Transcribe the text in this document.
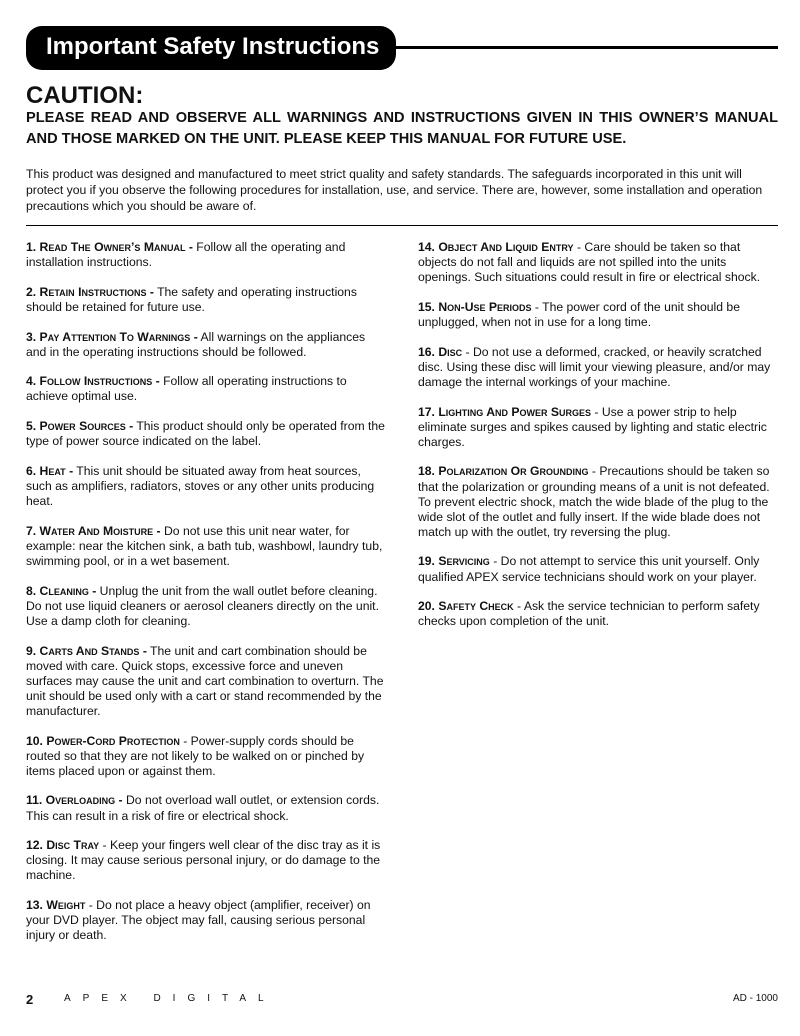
Important Safety Instructions
CAUTION:

PLEASE READ AND OBSERVE ALL WARNINGS AND INSTRUCTIONS GIVEN IN THIS OWNER’S MANUAL AND THOSE MARKED ON THE UNIT. PLEASE KEEP THIS MANUAL FOR FUTURE USE.

This product was designed and manufactured to meet strict quality and safety standards. The safeguards incorporated in this unit will protect you if you observe the following procedures for installation, use, and service. There are, however, some installation and operation precautions which you should be aware of.

1. Read The Owner’s Manual - Follow all the operating and installation instructions.

2. Retain Instructions - The safety and operating instructions should be retained for future use.

3. Pay Attention To Warnings - All warnings on the appliances and in the operating instructions should be followed.

4. Follow Instructions - Follow all operating instructions to achieve optimal use.

5. Power Sources - This product should only be operated from the type of power source indicated on the label.

6. Heat - This unit should be situated away from heat sources, such as amplifiers, radiators, stoves or any other units producing heat.

7. Water And Moisture - Do not use this unit near water, for example: near the kitchen sink, a bath tub, washbowl, laundry tub, swimming pool, or in a wet basement.

8. Cleaning - Unplug the unit from the wall outlet before cleaning. Do not use liquid cleaners or aerosol cleaners directly on the unit. Use a damp cloth for cleaning.

9. Carts And Stands - The unit and cart combination should be moved with care. Quick stops, excessive force and uneven surfaces may cause the unit and cart combination to overturn. The unit should be used only with a cart or stand recommended by the manufacturer.

10. Power-Cord Protection - Power-supply cords should be routed so that they are not likely to be walked on or pinched by items placed upon or against them.

11. Overloading - Do not overload wall outlet, or extension cords. This can result in a risk of fire or electrical shock.

12. Disc Tray - Keep your fingers well clear of the disc tray as it is closing. It may cause serious personal injury, or do damage to the machine.

13. Weight - Do not place a heavy object (amplifier, receiver) on your DVD player. The object may fall, causing serious personal injury or death.

14. Object And Liquid Entry - Care should be taken so that objects do not fall and liquids are not spilled into the units openings. Such situations could result in fire or electrical shock.

15. Non-Use Periods - The power cord of the unit should be unplugged, when not in use for a long time.

16. Disc - Do not use a deformed, cracked, or heavily scratched disc. Using these disc will limit your viewing pleasure, and/or may damage the internal workings of your machine.

17. Lighting And Power Surges - Use a power strip to help eliminate surges and spikes caused by lighting and static electric charges.

18. Polarization Or Grounding - Precautions should be taken so that the polarization or grounding means of a unit is not defeated. To prevent electric shock, match the wide blade of the plug to the wide slot of the outlet and fully insert. If the wide blade does not match up with the outlet, try reversing the plug.

19. Servicing - Do not attempt to service this unit yourself. Only qualified APEX service technicians should work on your player.

20. Safety Check - Ask the service technician to perform safety checks upon completion of the unit.

2	APEX DIGITAL	AD - 1000
